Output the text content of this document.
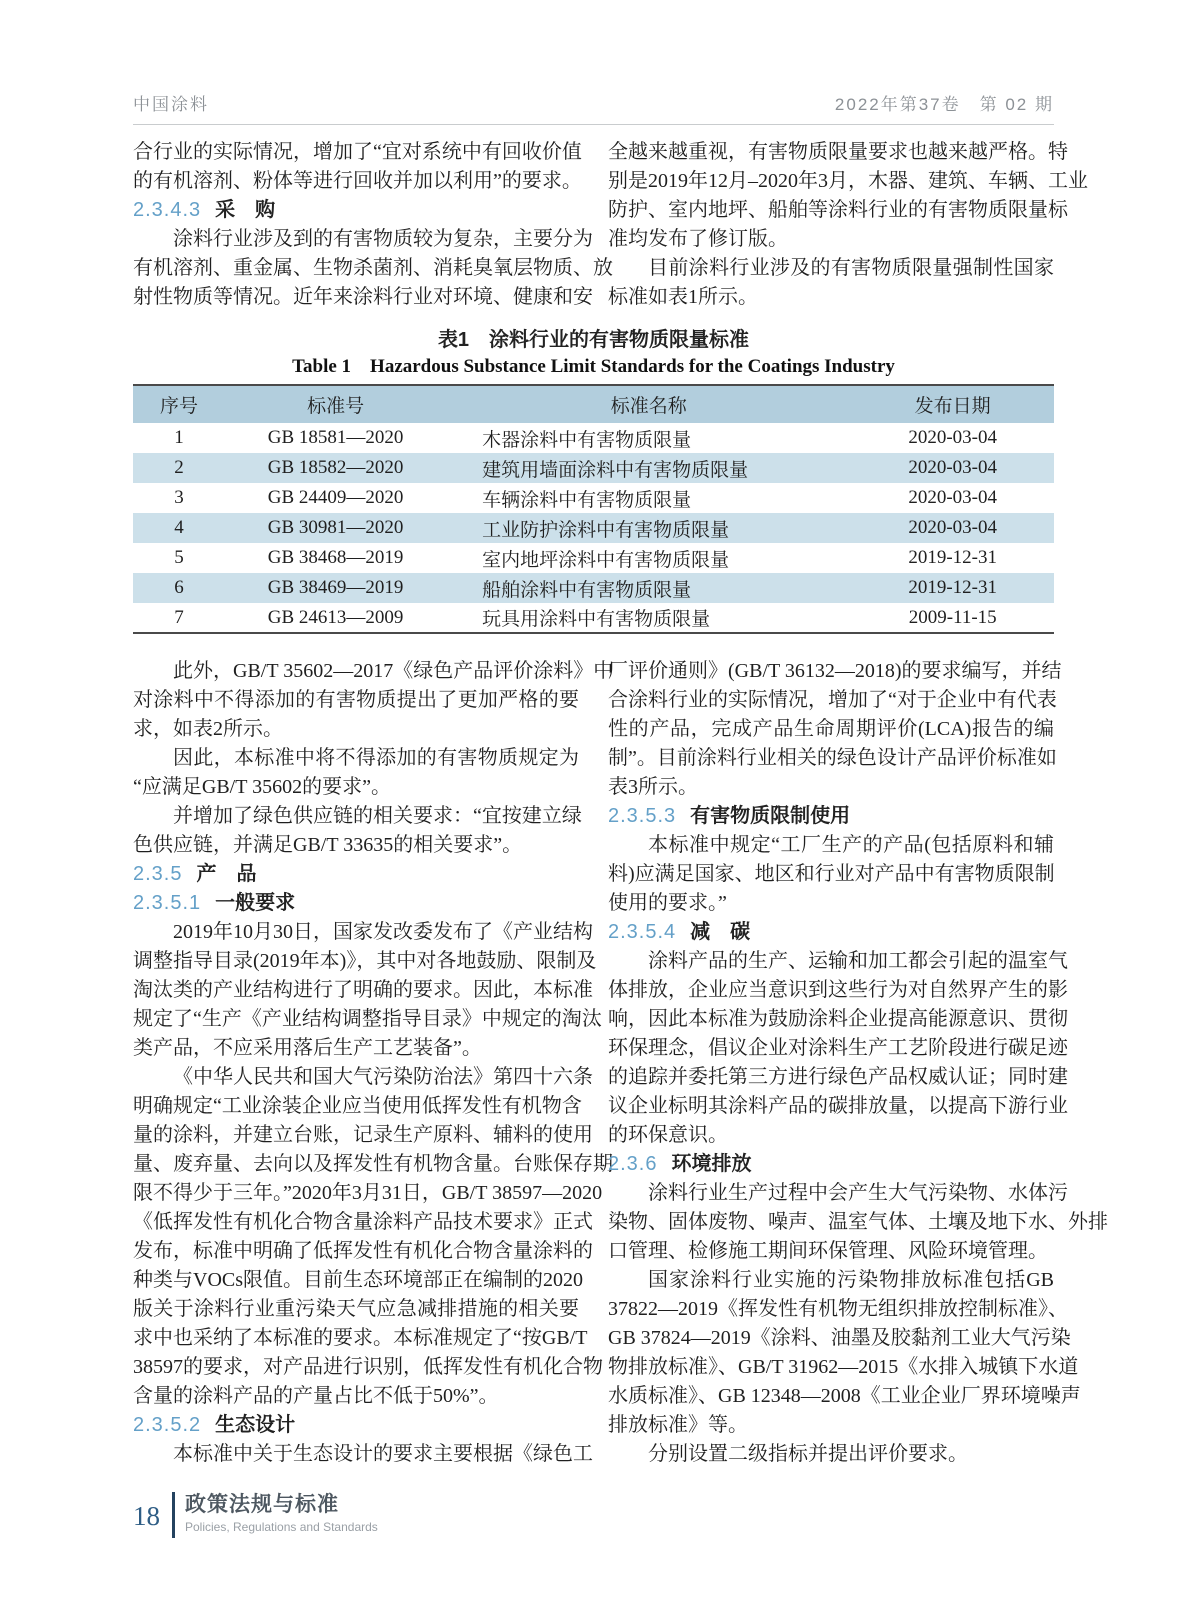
中国涂料	2022年第37卷　第 02 期
合行业的实际情况，增加了“宜对系统中有回收价值
的有机溶剂、粉体等进行回收并加以利用”的要求。
2.3.4.3 采　购
涂料行业涉及到的有害物质较为复杂，主要分为
有机溶剂、重金属、生物杀菌剂、消耗臭氧层物质、放
射性物质等情况。近年来涂料行业对环境、健康和安
全越来越重视，有害物质限量要求也越来越严格。特
别是2019年12月–2020年3月，木器、建筑、车辆、工业
防护、室内地坪、船舶等涂料行业的有害物质限量标
准均发布了修订版。
目前涂料行业涉及的有害物质限量强制性国家
标准如表1所示。
表1　涂料行业的有害物质限量标准
Table 1　Hazardous Substance Limit Standards for the Coatings Industry
序号	标准号	标准名称	发布日期
1	GB 18581—2020	木器涂料中有害物质限量	2020-03-04
2	GB 18582—2020	建筑用墙面涂料中有害物质限量	2020-03-04
3	GB 24409—2020	车辆涂料中有害物质限量	2020-03-04
4	GB 30981—2020	工业防护涂料中有害物质限量	2020-03-04
5	GB 38468—2019	室内地坪涂料中有害物质限量	2019-12-31
6	GB 38469—2019	船舶涂料中有害物质限量	2019-12-31
7	GB 24613—2009	玩具用涂料中有害物质限量	2009-11-15
此外，GB/T 35602—2017《绿色产品评价涂料》中
对涂料中不得添加的有害物质提出了更加严格的要
求，如表2所示。
因此，本标准中将不得添加的有害物质规定为
“应满足GB/T 35602的要求”。
并增加了绿色供应链的相关要求：“宜按建立绿
色供应链，并满足GB/T 33635的相关要求”。
2.3.5 产　品
2.3.5.1 一般要求
2019年10月30日，国家发改委发布了《产业结构
调整指导目录(2019年本)》，其中对各地鼓励、限制及
淘汰类的产业结构进行了明确的要求。因此，本标准
规定了“生产《产业结构调整指导目录》中规定的淘汰
类产品，不应采用落后生产工艺装备”。
《中华人民共和国大气污染防治法》第四十六条
明确规定“工业涂装企业应当使用低挥发性有机物含
量的涂料，并建立台账，记录生产原料、辅料的使用
量、废弃量、去向以及挥发性有机物含量。台账保存期
限不得少于三年。”2020年3月31日，GB/T 38597—2020
《低挥发性有机化合物含量涂料产品技术要求》正式
发布，标准中明确了低挥发性有机化合物含量涂料的
种类与VOCs限值。目前生态环境部正在编制的2020
版关于涂料行业重污染天气应急减排措施的相关要
求中也采纳了本标准的要求。本标准规定了“按GB/T
38597的要求，对产品进行识别，低挥发性有机化合物
含量的涂料产品的产量占比不低于50%”。
2.3.5.2 生态设计
本标准中关于生态设计的要求主要根据《绿色工
厂评价通则》(GB/T 36132—2018)的要求编写，并结
合涂料行业的实际情况，增加了“对于企业中有代表
性的产品，完成产品生命周期评价(LCA)报告的编
制”。目前涂料行业相关的绿色设计产品评价标准如
表3所示。
2.3.5.3 有害物质限制使用
本标准中规定“工厂生产的产品(包括原料和辅
料)应满足国家、地区和行业对产品中有害物质限制
使用的要求。”
2.3.5.4 减　碳
涂料产品的生产、运输和加工都会引起的温室气
体排放，企业应当意识到这些行为对自然界产生的影
响，因此本标准为鼓励涂料企业提高能源意识、贯彻
环保理念，倡议企业对涂料生产工艺阶段进行碳足迹
的追踪并委托第三方进行绿色产品权威认证；同时建
议企业标明其涂料产品的碳排放量，以提高下游行业
的环保意识。
2.3.6 环境排放
涂料行业生产过程中会产生大气污染物、水体污
染物、固体废物、噪声、温室气体、土壤及地下水、外排
口管理、检修施工期间环保管理、风险环境管理。
国家涂料行业实施的污染物排放标准包括GB
37822—2019《挥发性有机物无组织排放控制标准》、
GB 37824—2019《涂料、油墨及胶黏剂工业大气污染
物排放标准》、GB/T 31962—2015《水排入城镇下水道
水质标准》、GB 12348—2008《工业企业厂界环境噪声
排放标准》等。
分别设置二级指标并提出评价要求。
18 政策法规与标准
Policies, Regulations and Standards
